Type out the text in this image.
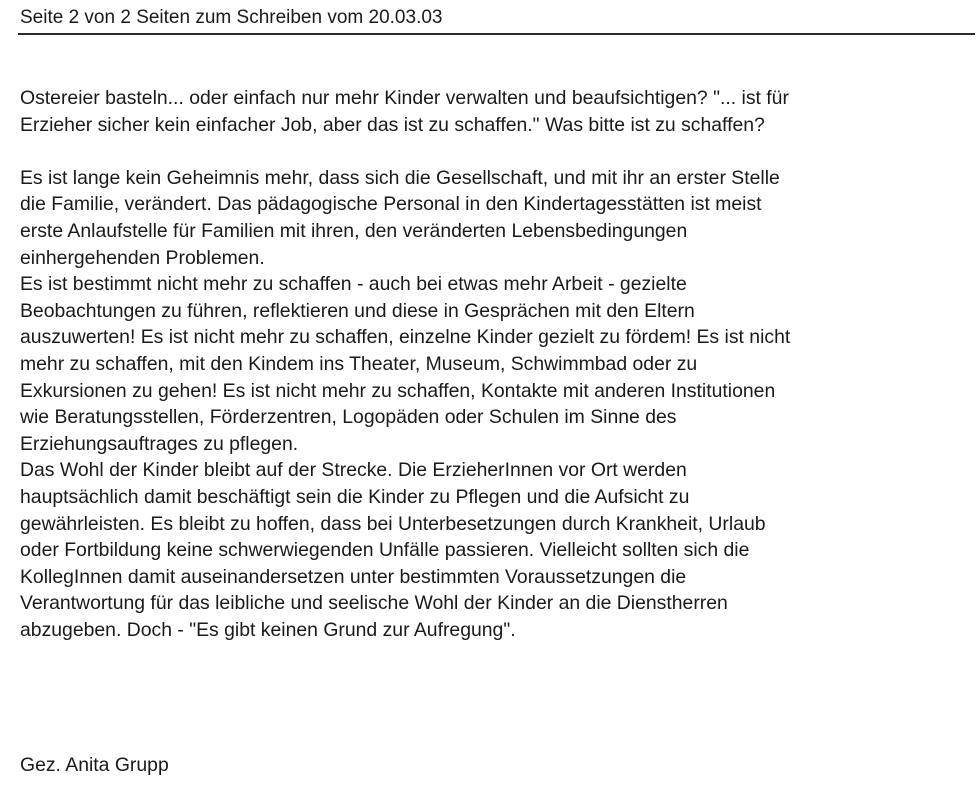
Seite 2 von 2 Seiten zum Schreiben vom 20.03.03

Ostereier basteln... oder einfach nur mehr Kinder verwalten und beaufsichtigen? "... ist für
Erzieher sicher kein einfacher Job, aber das ist zu schaffen." Was bitte ist zu schaffen?

Es ist lange kein Geheimnis mehr, dass sich die Gesellschaft, und mit ihr an erster Stelle
die Familie, verändert. Das pädagogische Personal in den Kindertagesstätten ist meist
erste Anlaufstelle für Familien mit ihren, den veränderten Lebensbedingungen
einhergehenden Problemen.
Es ist bestimmt nicht mehr zu schaffen - auch bei etwas mehr Arbeit - gezielte
Beobachtungen zu führen, reflektieren und diese in Gesprächen mit den Eltern
auszuwerten! Es ist nicht mehr zu schaffen, einzelne Kinder gezielt zu fördem! Es ist nicht
mehr zu schaffen, mit den Kindem ins Theater, Museum, Schwimmbad oder zu
Exkursionen zu gehen! Es ist nicht mehr zu schaffen, Kontakte mit anderen Institutionen
wie Beratungsstellen, Förderzentren, Logopäden oder Schulen im Sinne des
Erziehungsauftrages zu pflegen.
Das Wohl der Kinder bleibt auf der Strecke. Die ErzieherInnen vor Ort werden
hauptsächlich damit beschäftigt sein die Kinder zu Pflegen und die Aufsicht zu
gewährleisten. Es bleibt zu hoffen, dass bei Unterbesetzungen durch Krankheit, Urlaub
oder Fortbildung keine schwerwiegenden Unfälle passieren. Vielleicht sollten sich die
KollegInnen damit auseinandersetzen unter bestimmten Voraussetzungen die
Verantwortung für das leibliche und seelische Wohl der Kinder an die Dienstherren
abzugeben. Doch - "Es gibt keinen Grund zur Aufregung".

Gez. Anita Grupp
